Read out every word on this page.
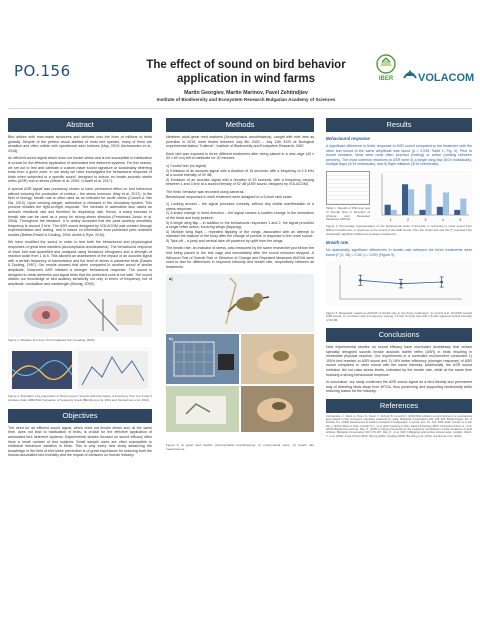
PO.156	The effect of sound on bird behavior
application in wind farms
Martin Georgiev, Martin Marinov, Pavel Zehtindjiev
Institute of Biodiversity and Ecosystem Research Bulgarian Academy of Sciences
IBER VOLACOM
Abstract
Bird strikes with man-made structures and vehicles cost the lives of millions of birds globally. Despite of the perfect visual abilities of most bird species, many of them are sensitive and often collide with operational wind turbines (May, 2015; Aschwanden et al., 2018).
An efficient sound signal which does not invoke stress and is not susceptible to habituation is crucial for the effective application of automated bird deterrent systems. For this reason, we set out to test and calibrate a custom-made sound signature of sustainably deterring birds from a given zone. In our study we have investigated the behavioural response of birds when subjected to a specific sound, designed to induce an innate acoustic startle reflex (ASR) but no stress (Welch et al. 2009, Crowell et al. 2017).
A special ASR signal was previously shown to have permanent effect on bird behaviour without inducing the production of cortisol – the stress hormone (May et al. 2017). In the field of biology, breath rate is often used as an indicator for acute stress (Cornell & Van Dis, 2014). Upon sensing danger, adrenaline is released in the circulatory system. This process initiates the fight-or-flight response. The increase in adrenaline also raises an animal's metabolic rate and therefore its respiratory rate. Hence, a sharp increase in breath rate can be used as a proxy for strong stress stimulus (Fernández-Juricic et al. 2004). Throughout the literature, it is widely accepted that the peak auditory sensitivity frequency is around 3 kHz. The ASR sound designed by VOLACOM was created through experimentation and testing, and is based on information from published peer-reviewed studies (Brittan-Powell & Dooling, 2004; Amett & Ryle, 2016).
We have modified the sound in order to test both the behavioural and physiological responses of great reed warblers (Acrocephalus arundinaceus). The behavioural response of each bird was quantified and analysed using behaviour ethograms and a strength of reaction scale from 1 to 5. This allowed an assessment of the impact of an acoustic signal with a certain frequency of transmission and the level of stress in passerine birds (Dawes & Dooling, 1997). Our results showed that when compared to another sound of similar amplitude, Volacom's ASR initiated a stronger behavioural response. The sound is designed to resist alertness and signal birds that the protected zone is not safe. The sound utilizes our knowledge of bird auditory sensitivity not only in terms of frequency, but of amplitude, modulation and wavelength (Blumig, 2009).
Figure 1. Weather and time of bird (adapted from Gooding, 2005).
Figure 2. Illustration of a preposition of bird-to-sound. Sounds with fast-sweep of frequency from 0 to 3 kHz.2 produce sharp 3dBA/5Hz fluctuation of frequency levels (Blumberg et al. 2011 and Sunderman et al. 2014).
Objectives
The need for an efficient sound signal, which does not invoke stress and, at the same time, does not lead to habituation in birds, is crucial for the effective application of automated bird deterrent systems. Experimental studies focused on sound efficacy often have a small number of test subjects. Small sample sizes are often susceptible to individual behaviour variation in birds. This is why every new study advancing the knowledge in the field of bird strike prevention is of great importance for reducing both the human-associated bird mortality and the impact of collisions on human industry.
Methods
Nineteen adult great reed warblers (Acrocephalus arundinaceus), caught with mist nets as juveniles in 2019, were tested between July 8th 2020 – July 11th 2020 at Biological experimental station "Kalimok", Institute of Biodiversity and Ecosystem Research, BAS.
Each bird was exposed to three different treatments after being placed in a new cage (40 x 40 x 60 cm) left to habituate for 30 minutes:
1) Control test (no signal)
2) Emission of an acoustic signal with a duration of 15 seconds, with a frequency of 2.5 kHz at a sound intensity of 92 dB;
3) Emission of an acoustic signal with a duration of 15 seconds, with a frequency varying between 1 and 3 kHz at a sound intensity of 92 dB (ASR sound, designed by VOLACOM).
The birds' behavior was recorded using cameras.
Behavioural responses in each treatment were assigned to a 5-level rank scale:
1) Looking around – the signal provokes curiosity, without any visible manifestation of a stress response;
2) A sharp change in head direction – the signal causes a sudden change in the orientation of the head and body posture;
3) A single wing flap – in addition to the behavioural responses 1 and 2, the signal provokes a single reflex action, involving wings (flapping);
4) Multiple wing flaps – repeated flapping of the wings, associated with an attempt to maintain the balance of the body after the change of posture in response to the novel sound;
5) Take-off – a jump and vertical take-off powered by uplift from the wings.
The breath rate, an indicator of stress, was measured by the same researcher just before the bird being placed in the test cage and immediately after the sound emission stopped. A Wilcoxon Test of Overall Size or Direction of Change and Repeated Measures ANOVA were used to test for differences in response intensity and breath rate, respectively between all treatments.
a)
b)
Figure 3. a) great reed warbler (Acrocephalus arundinaceus); b) experimental setup. (c) breath rate measurement.
Results
Behavioural response
A significant difference in birds' response to ASR sound compared to the treatment with the other test sound of the same amplitude was found (p = 0.035, Table 1, Fig. 4). Prior to sound emission, birds were most often perched (resting) or active (moving between perches). The most common reactions to ASR were 5) a single wing flap (6/19 individuals), multiple flaps (4/19 individuals), and 5) flight initiation (3/19 individuals).
Table 1. Results of Wilcoxon test of Overall Size or Direction of Change and Repeated Measures ANOVA.	1	2	3	4	5
Figure 4. Percentage representation of the behavioural ranks of intensity in response to novel sound from different treatments, in response to the sound of the ASR sound, from the 3 kHz test and the (*) represent the statistically significant difference between treatments.
Breath rate
No statistically significant differences in breath rate between the three treatments were found (F [2, 36] = 0.36, p = 0.69) (Figure 5).
Figure 5. Repeated measures ANOVA of breath rate in the three treatments: 1) control test; (b)(ASR sound) ASR sound; (c) emission with a frequency varying 1.5 kHz and (d) test with 2.5 kHz signal at sound intensity of 92 dB.
Conclusions
New experimental studies on sound efficacy have concluded doubtlessly that certain specially designed sounds invoke acoustic startle reflex (ASR) in birds resulting in immediate physical reaction. Our experiments in a controlled environment concluded 1) 100% bird reaction to ASR sound and 2) 16% better efficiency (stronger response) of ASR sound compared to other sound with the same intensity. Additionally, the ASR sound emission did not raise stress levels, indicated by the breath rate, while at the same time inducing a strong behavioural response.
In conclusion, our study confirmed the ASR sound signal as a bird-friendly and permanent way of deterring birds away from WTGs, thus preserving and supporting biodiversity while reducing losses for the industry.
References
Aschwanden, J., Stark, H., Peter, D., Steuri, T., Schmid, B. & Liechti, F. (2018) Bird collisions at wind turbines in a mountainous area related to bird movement intensities measured by radar. Biological Conservation 220: 228–236. Brittan-Powell, E.F. & Dooling, R.J. (2004) Development of auditory sensitivity in budgerigars. J. Acoust. Soc. Am. 115: 3092–3102. Cornell, H. & Van Dis, J. (2014) Stress in birds. Crowell, S.C., et al. (2017) Hearing in birds. Dawes & Dooling (1997). Fernández-Juricic, E., et al. (2004) Behavioral response. May, R. (2015) A unifying framework for the underlying mechanisms of avian avoidance of wind turbines. Biological Conservation 190: 179–187. May, R., et al. (2017) Mitigating wind-turbine induced avian mortality. Welch, T., et al. (2009). Amett & Ryle (2016). Blumig (2009). Gooding (2005). Blumberg et al. (2011). Sunderman et al. (2014).
